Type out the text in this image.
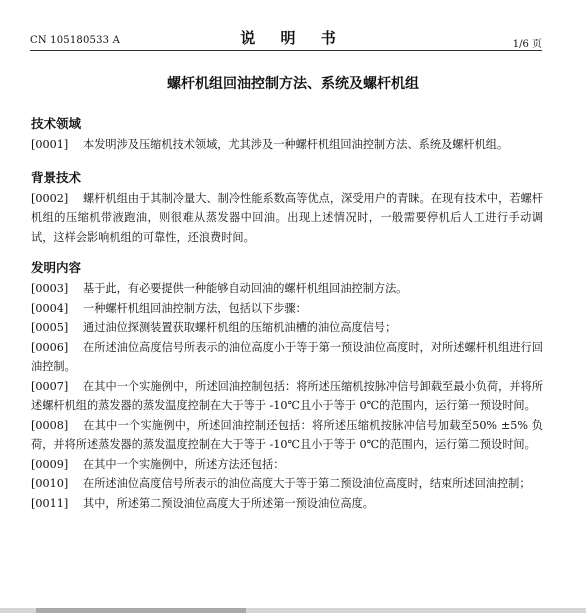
CN 105180533 A	说 明 书	1/6 页
螺杆机组回油控制方法、系统及螺杆机组
技术领域

[0001] 本发明涉及压缩机技术领域，尤其涉及一种螺杆机组回油控制方法、系统及螺杆机组。

背景技术

[0002] 螺杆机组由于其制冷量大、制冷性能系数高等优点，深受用户的青睐。在现有技术中，若螺杆机组的压缩机带液跑油，则很难从蒸发器中回油。出现上述情况时，一般需要停机后人工进行手动调试，这样会影响机组的可靠性，还浪费时间。

发明内容

[0003] 基于此，有必要提供一种能够自动回油的螺杆机组回油控制方法。

[0004] 一种螺杆机组回油控制方法，包括以下步骤：

[0005] 通过油位探测装置获取螺杆机组的压缩机油槽的油位高度信号；

[0006] 在所述油位高度信号所表示的油位高度小于等于第一预设油位高度时，对所述螺杆机组进行回油控制。

[0007] 在其中一个实施例中，所述回油控制包括：将所述压缩机按脉冲信号卸载至最小负荷，并将所述螺杆机组的蒸发器的蒸发温度控制在大于等于 -10℃且小于等于 0℃的范围内，运行第一预设时间。

[0008] 在其中一个实施例中，所述回油控制还包括：将所述压缩机按脉冲信号加载至50% ±5% 负荷，并将所述蒸发器的蒸发温度控制在大于等于 -10℃且小于等于 0℃的范围内，运行第二预设时间。

[0009] 在其中一个实施例中，所述方法还包括：

[0010] 在所述油位高度信号所表示的油位高度大于等于第二预设油位高度时，结束所述回油控制；

[0011] 其中，所述第二预设油位高度大于所述第一预设油位高度。
